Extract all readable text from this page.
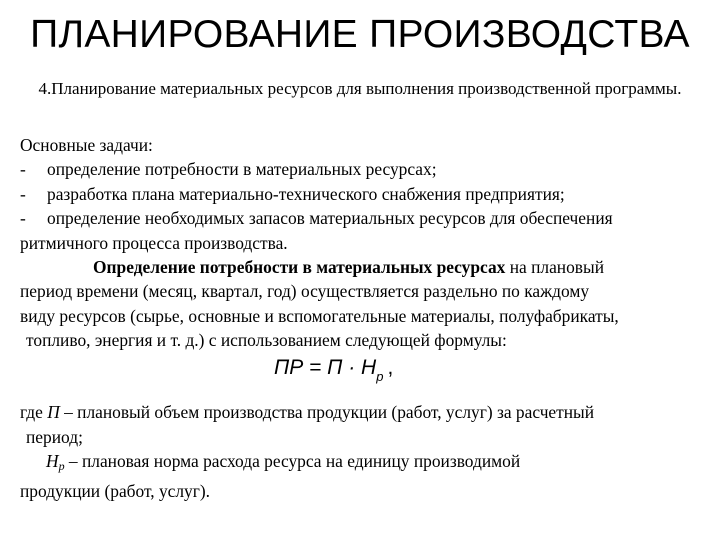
ПЛАНИРОВАНИЕ ПРОИЗВОДСТВА
4.Планирование материальных ресурсов для выполнения производственной программы.
Основные задачи:
- определение потребности в материальных ресурсах;
- разработка плана материально-технического снабжения предприятия;
- определение необходимых запасов материальных ресурсов для обеспечения
ритмичного процесса производства.
Определение потребности в материальных ресурсах на плановый
период времени (месяц, квартал, год) осуществляется раздельно по каждому
виду ресурсов (сырье, основные и вспомогательные материалы, полуфабрикаты,
топливо, энергия и т. д.) с использованием следующей формулы:
ПР = $П \cdot Н_р$ ,
где П – плановый объем производства продукции (работ, услуг) за расчетный
период;
Нр – плановая норма расхода ресурса на единицу производимой
продукции (работ, услуг).
